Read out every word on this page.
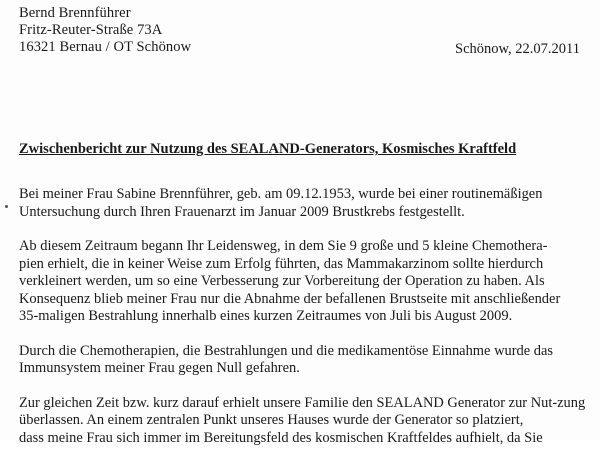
Bernd Brennführer
Fritz-Reuter-Straße 73A
16321 Bernau / OT Schönow	Schönow, 22.07.2011
Zwischenbericht zur Nutzung des SEALAND-Generators, Kosmisches Kraftfeld

Bei meiner Frau Sabine Brennführer, geb. am 09.12.1953, wurde bei einer routinemäßigen
Untersuchung durch Ihren Frauenarzt im Januar 2009 Brustkrebs festgestellt.

Ab diesem Zeitraum begann Ihr Leidensweg, in dem Sie 9 große und 5 kleine Chemothera-
pien erhielt, die in keiner Weise zum Erfolg führten, das Mammakarzinom sollte hierdurch
verkleinert werden, um so eine Verbesserung zur Vorbereitung der Operation zu haben. Als
Konsequenz blieb meiner Frau nur die Abnahme der befallenen Brustseite mit anschließender
35-maligen Bestrahlung innerhalb eines kurzen Zeitraumes von Juli bis August 2009.

Durch die Chemotherapien, die Bestrahlungen und die medikamentöse Einnahme wurde das
Immunsystem meiner Frau gegen Null gefahren.

Zur gleichen Zeit bzw. kurz darauf erhielt unsere Familie den SEALAND Generator zur Nut-zung
überlassen. An einem zentralen Punkt unseres Hauses wurde der Generator so platziert,
dass meine Frau sich immer im Bereitungsfeld des kosmischen Kraftfeldes aufhielt, da Sie
